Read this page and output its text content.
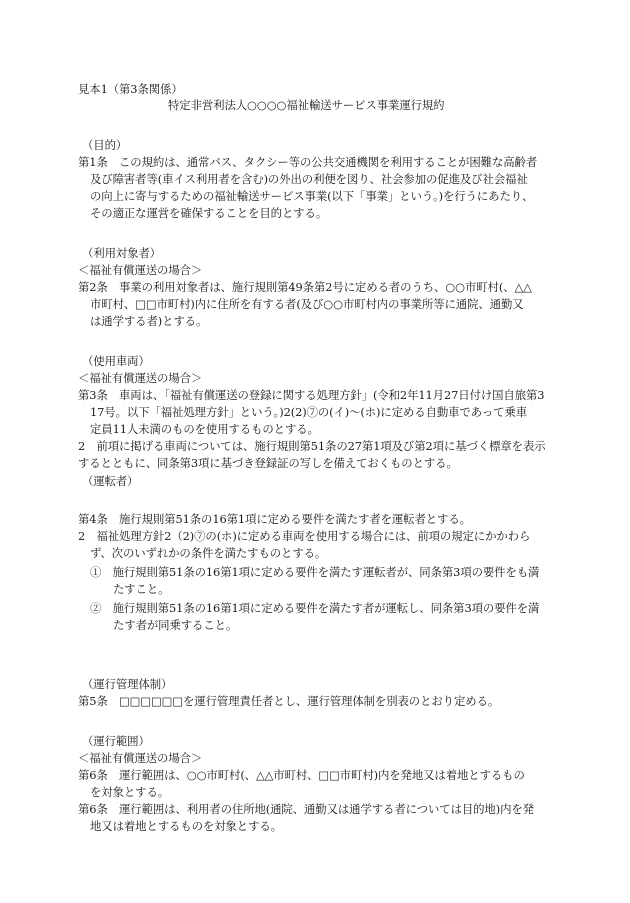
見本1（第3条関係）
特定非営利法人○○○○福祉輸送サービス事業運行規約
（目的）
第1条　この規約は、通常バス、タクシー等の公共交通機関を利用することが困難な高齢者
及び障害者等(車イス利用者を含む)の外出の利便を図り、社会参加の促進及び社会福祉
の向上に寄与するための福祉輸送サービス事業(以下「事業」という。)を行うにあたり、
その適正な運営を確保することを目的とする。
（利用対象者）
＜福祉有償運送の場合＞
第2条　事業の利用対象者は、施行規則第49条第2号に定める者のうち、○○市町村(、△△
市町村、□□市町村)内に住所を有する者(及び○○市町村内の事業所等に通院、通勤又
は通学する者)とする。
（使用車両）
＜福祉有償運送の場合＞
第3条　車両は、「福祉有償運送の登録に関する処理方針」(令和2年11月27日付け国自旅第3
17号。以下「福祉処理方針」という。)2(2)⑦の(イ)～(ホ)に定める自動車であって乗車
定員11人未満のものを使用するものとする。
2　前項に掲げる車両については、施行規則第51条の27第1項及び第2項に基づく標章を表示
するとともに、同条第3項に基づき登録証の写しを備えておくものとする。
（運転者）
第4条　施行規則第51条の16第1項に定める要件を満たす者を運転者とする。
2　福祉処理方針2（2)⑦の(ホ)に定める車両を使用する場合には、前項の規定にかかわら
ず、次のいずれかの条件を満たすものとする。
①　施行規則第51条の16第1項に定める要件を満たす運転者が、同条第3項の要件をも満
たすこと。
②　施行規則第51条の16第1項に定める要件を満たす者が運転し、同条第3項の要件を満
たす者が同乗すること。
（運行管理体制）
第5条　□□□□□□を運行管理責任者とし、運行管理体制を別表のとおり定める。
（運行範囲）
＜福祉有償運送の場合＞
第6条　運行範囲は、○○市町村(、△△市町村、□□市町村)内を発地又は着地とするもの
を対象とする。
第6条　運行範囲は、利用者の住所地(通院、通勤又は通学する者については目的地)内を発
地又は着地とするものを対象とする。
